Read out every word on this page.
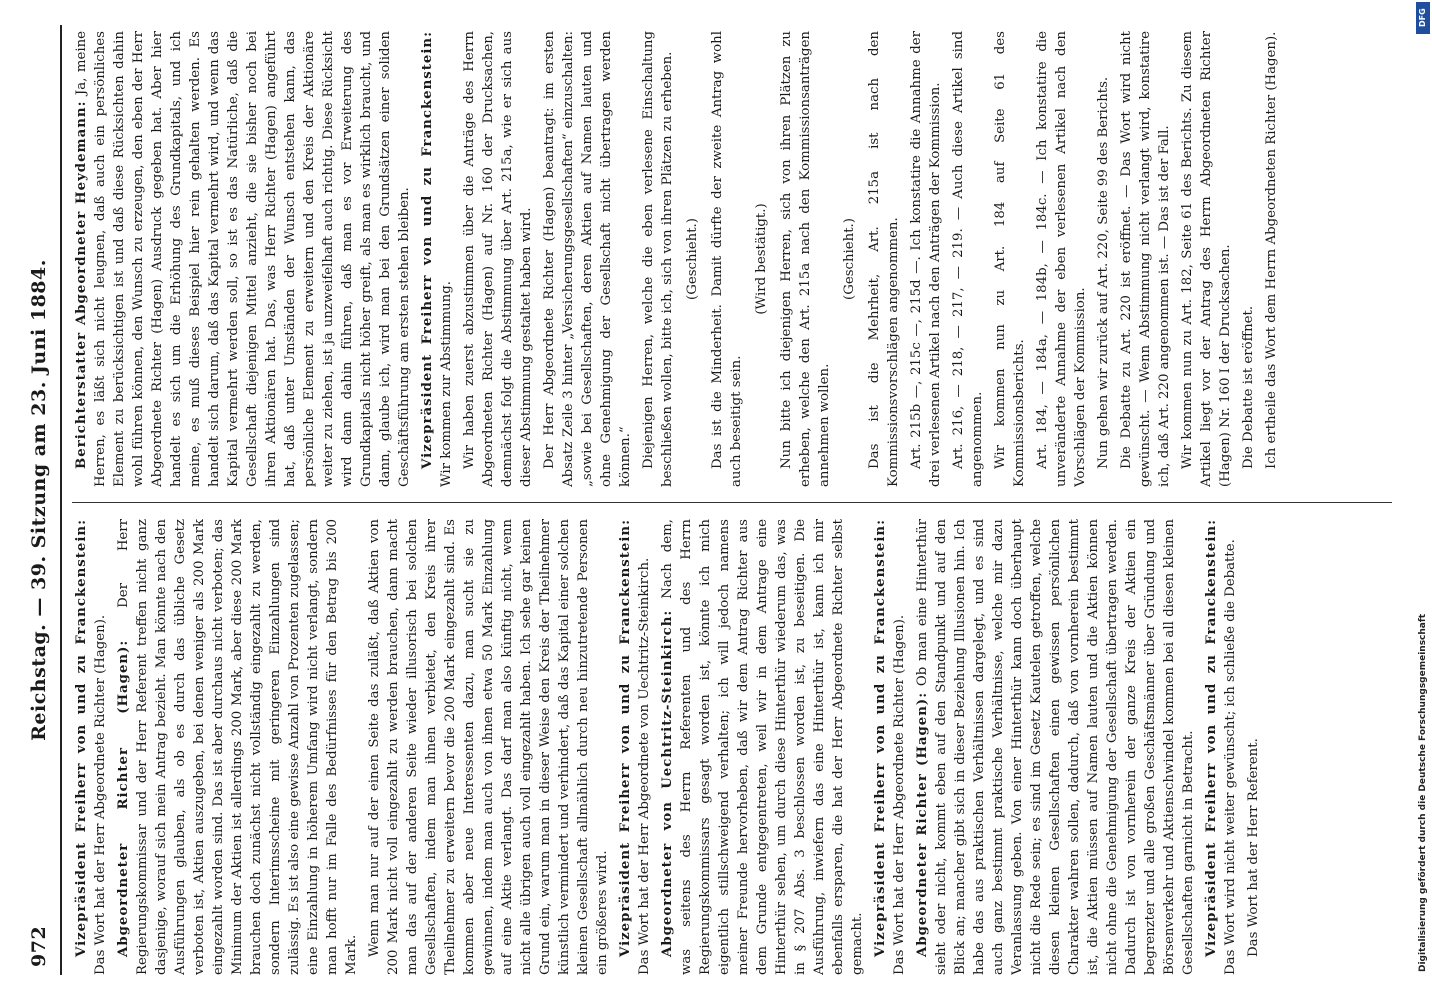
972
Reichstag. — 39. Sitzung am 23. Juni 1884. Vizepräsident Freiherr von und zu Franckenstein: Das Wort hat der Herr Abgeordnete Richter (Hagen). Abgeordneter Richter (Hagen): Der Herr Regierungskommissar und der Herr Referent treffen nicht ganz dasjenige, worauf sich mein Antrag bezieht. Man könnte nach den Ausführungen glauben, als ob es durch das übliche Gesetz verboten ist, Aktien auszugeben, bei denen weniger als 200 Mark eingezahlt worden sind. Das ist aber durchaus nicht verboten; das Minimum der Aktien ist allerdings 200 Mark, aber diese 200 Mark brauchen doch zunächst nicht vollständig eingezahlt zu werden, sondern Interimsscheine mit geringeren Einzahlungen sind zulässig. Es ist also eine gewisse Anzahl von Prozenten zugelassen; eine Einzahlung in höherem Umfang wird nicht verlangt, sondern man hofft nur im Falle des Bedürfnisses für den Betrag bis 200 Mark. Wenn man nur auf der einen Seite das zuläßt, daß Aktien von 200 Mark nicht voll eingezahlt zu werden brauchen, dann macht man das auf der anderen Seite wieder illusorisch bei solchen Gesellschaften, indem man ihnen verbietet, den Kreis ihrer Theilnehmer zu erweitern bevor die 200 Mark eingezahlt sind. Es kommen aber neue Interessenten dazu, man sucht sie zu gewinnen, indem man auch von ihnen etwa 50 Mark Einzahlung auf eine Aktie verlangt. Das darf man also künftig nicht, wenn nicht alle übrigen auch voll eingezahlt haben. Ich sehe gar keinen Grund ein, warum man in dieser Weise den Kreis der Theilnehmer künstlich vermindert und verhindert, daß das Kapital einer solchen kleinen Gesellschaft allmählich durch neu hinzutretende Personen ein größeres wird. Vizepräsident Freiherr von und zu Franckenstein: Das Wort hat der Herr Abgeordnete von Uechtritz-Steinkirch. Abgeordneter von Uechtritz-Steinkirch: Nach dem, was seitens des Herrn Referenten und des Herrn Regierungskommissars gesagt worden ist, könnte ich mich eigentlich stillschweigend verhalten; ich will jedoch namens meiner Freunde hervorheben, daß wir dem Antrag Richter aus dem Grunde entgegentreten, weil wir in dem Antrage eine Hinterthür sehen, um durch diese Hinterthür wiederum das, was in § 207 Abs. 3 beschlossen worden ist, zu beseitigen. Die Ausführung, inwiefern das eine Hinterthür ist, kann ich mir ebenfalls ersparen, die hat der Herr Abgeordnete Richter selbst gemacht. Vizepräsident Freiherr von und zu Franckenstein: Das Wort hat der Herr Abgeordnete Richter (Hagen). Abgeordneter Richter (Hagen): Ob man eine Hinterthür sieht oder nicht, kommt eben auf den Standpunkt und auf den Blick an; mancher gibt sich in dieser Beziehung Illusionen hin. Ich habe das aus praktischen Verhältnissen dargelegt, und es sind auch ganz bestimmt praktische Verhältnisse, welche mir dazu Veranlassung geben. Von einer Hinterthür kann doch überhaupt nicht die Rede sein; es sind im Gesetz Kautelen getroffen, welche diesen kleinen Gesellschaften einen gewissen persönlichen Charakter wahren sollen, dadurch, daß von vornherein bestimmt ist, die Aktien müssen auf Namen lauten und die Aktien können nicht ohne die Genehmigung der Gesellschaft übertragen werden. Dadurch ist von vornherein der ganze Kreis der Aktien ein begrenzter und alle großen Geschäftsmänner über Gründung und Börsenverkehr und Aktienschwindel kommen bei all diesen kleinen Gesellschaften garnicht in Betracht. Vizepräsident Freiherr von und zu Franckenstein: Das Wort wird nicht weiter gewünscht; ich schließe die Debatte. Das Wort hat der Herr Referent.

Berichterstatter Abgeordneter Heydemann: Ja, meine Herren, es läßt sich nicht leugnen, daß auch ein persönliches Element zu berücksichtigen ist und daß diese Rücksichten dahin wohl führen können, den Wunsch zu erzeugen, den eben der Herr Abgeordnete Richter (Hagen) Ausdruck gegeben hat. Aber hier handelt es sich um die Erhöhung des Grundkapitals, und ich meine, es muß dieses Beispiel hier rein gehalten werden. Es handelt sich darum, daß das Kapital vermehrt wird, und wenn das Kapital vermehrt werden soll, so ist es das Natürliche, daß die Gesellschaft diejenigen Mittel anzieht, die sie bisher noch bei ihren Aktionären hat. Das, was Herr Richter (Hagen) angeführt hat, daß unter Umständen der Wunsch entstehen kann, das persönliche Element zu erweitern und den Kreis der Aktionäre weiter zu ziehen, ist ja unzweifelhaft auch richtig. Diese Rücksicht wird dann dahin führen, daß man es vor Erweiterung des Grundkapitals nicht höher greift, als man es wirklich braucht, und dann, glaube ich, wird man bei den Grundsätzen einer soliden Geschäftsführung am ersten stehen bleiben. Vizepräsident Freiherr von und zu Franckenstein: Wir kommen zur Abstimmung. Wir haben zuerst abzustimmen über die Anträge des Herrn Abgeordneten Richter (Hagen) auf Nr. 160 der Drucksachen, demnächst folgt die Abstimmung über Art. 215a, wie er sich aus dieser Abstimmung gestaltet haben wird. Der Herr Abgeordnete Richter (Hagen) beantragt: im ersten Absatz Zeile 3 hinter „Versicherungsgesellschaften“ einzuschalten: „sowie bei Gesellschaften, deren Aktien auf Namen lauten und ohne Genehmigung der Gesellschaft nicht übertragen werden können.“ Diejenigen Herren, welche die eben verlesene Einschaltung beschließen wollen, bitte ich, sich von ihren Plätzen zu erheben. (Geschieht.) Das ist die Minderheit. Damit dürfte der zweite Antrag wohl auch beseitigt sein.

(Wird bestätigt.) Nun bitte ich diejenigen Herren, sich von ihren Plätzen zu erheben, welche den Art. 215a nach den Kommissionsanträgen annehmen wollen.

(Geschieht.) Das ist die Mehrheit, Art. 215a ist nach den Kommissionsvorschlägen angenommen. Art. 215b —, 215c —, 215d —. Ich konstatire die Annahme der drei verlesenen Artikel nach den Anträgen der Kommission. Art. 216, — 218, — 217, — 219. — Auch diese Artikel sind angenommen. Wir kommen nun zu Art. 184 auf Seite 61 des Kommissionsberichts. Art. 184, — 184a, — 184b, — 184c. — Ich konstatire die unveränderte Annahme der eben verlesenen Artikel nach den Vorschlägen der Kommission. Nun gehen wir zurück auf Art. 220, Seite 99 des Berichts. Die Debatte zu Art. 220 ist eröffnet. — Das Wort wird nicht gewünscht. — Wenn Abstimmung nicht verlangt wird, konstatire ich, daß Art. 220 angenommen ist. — Das ist der Fall. Wir kommen nun zu Art. 182, Seite 61 des Berichts. Zu diesem Artikel liegt vor der Antrag des Herrn Abgeordneten Richter (Hagen) Nr. 160 I der Drucksachen. Die Debatte ist eröffnet. Ich ertheile das Wort dem Herrn Abgeordneten Richter (Hagen).

DFG
Digitalisierung gefördert durch die Deutsche Forschungsgemeinschaft
